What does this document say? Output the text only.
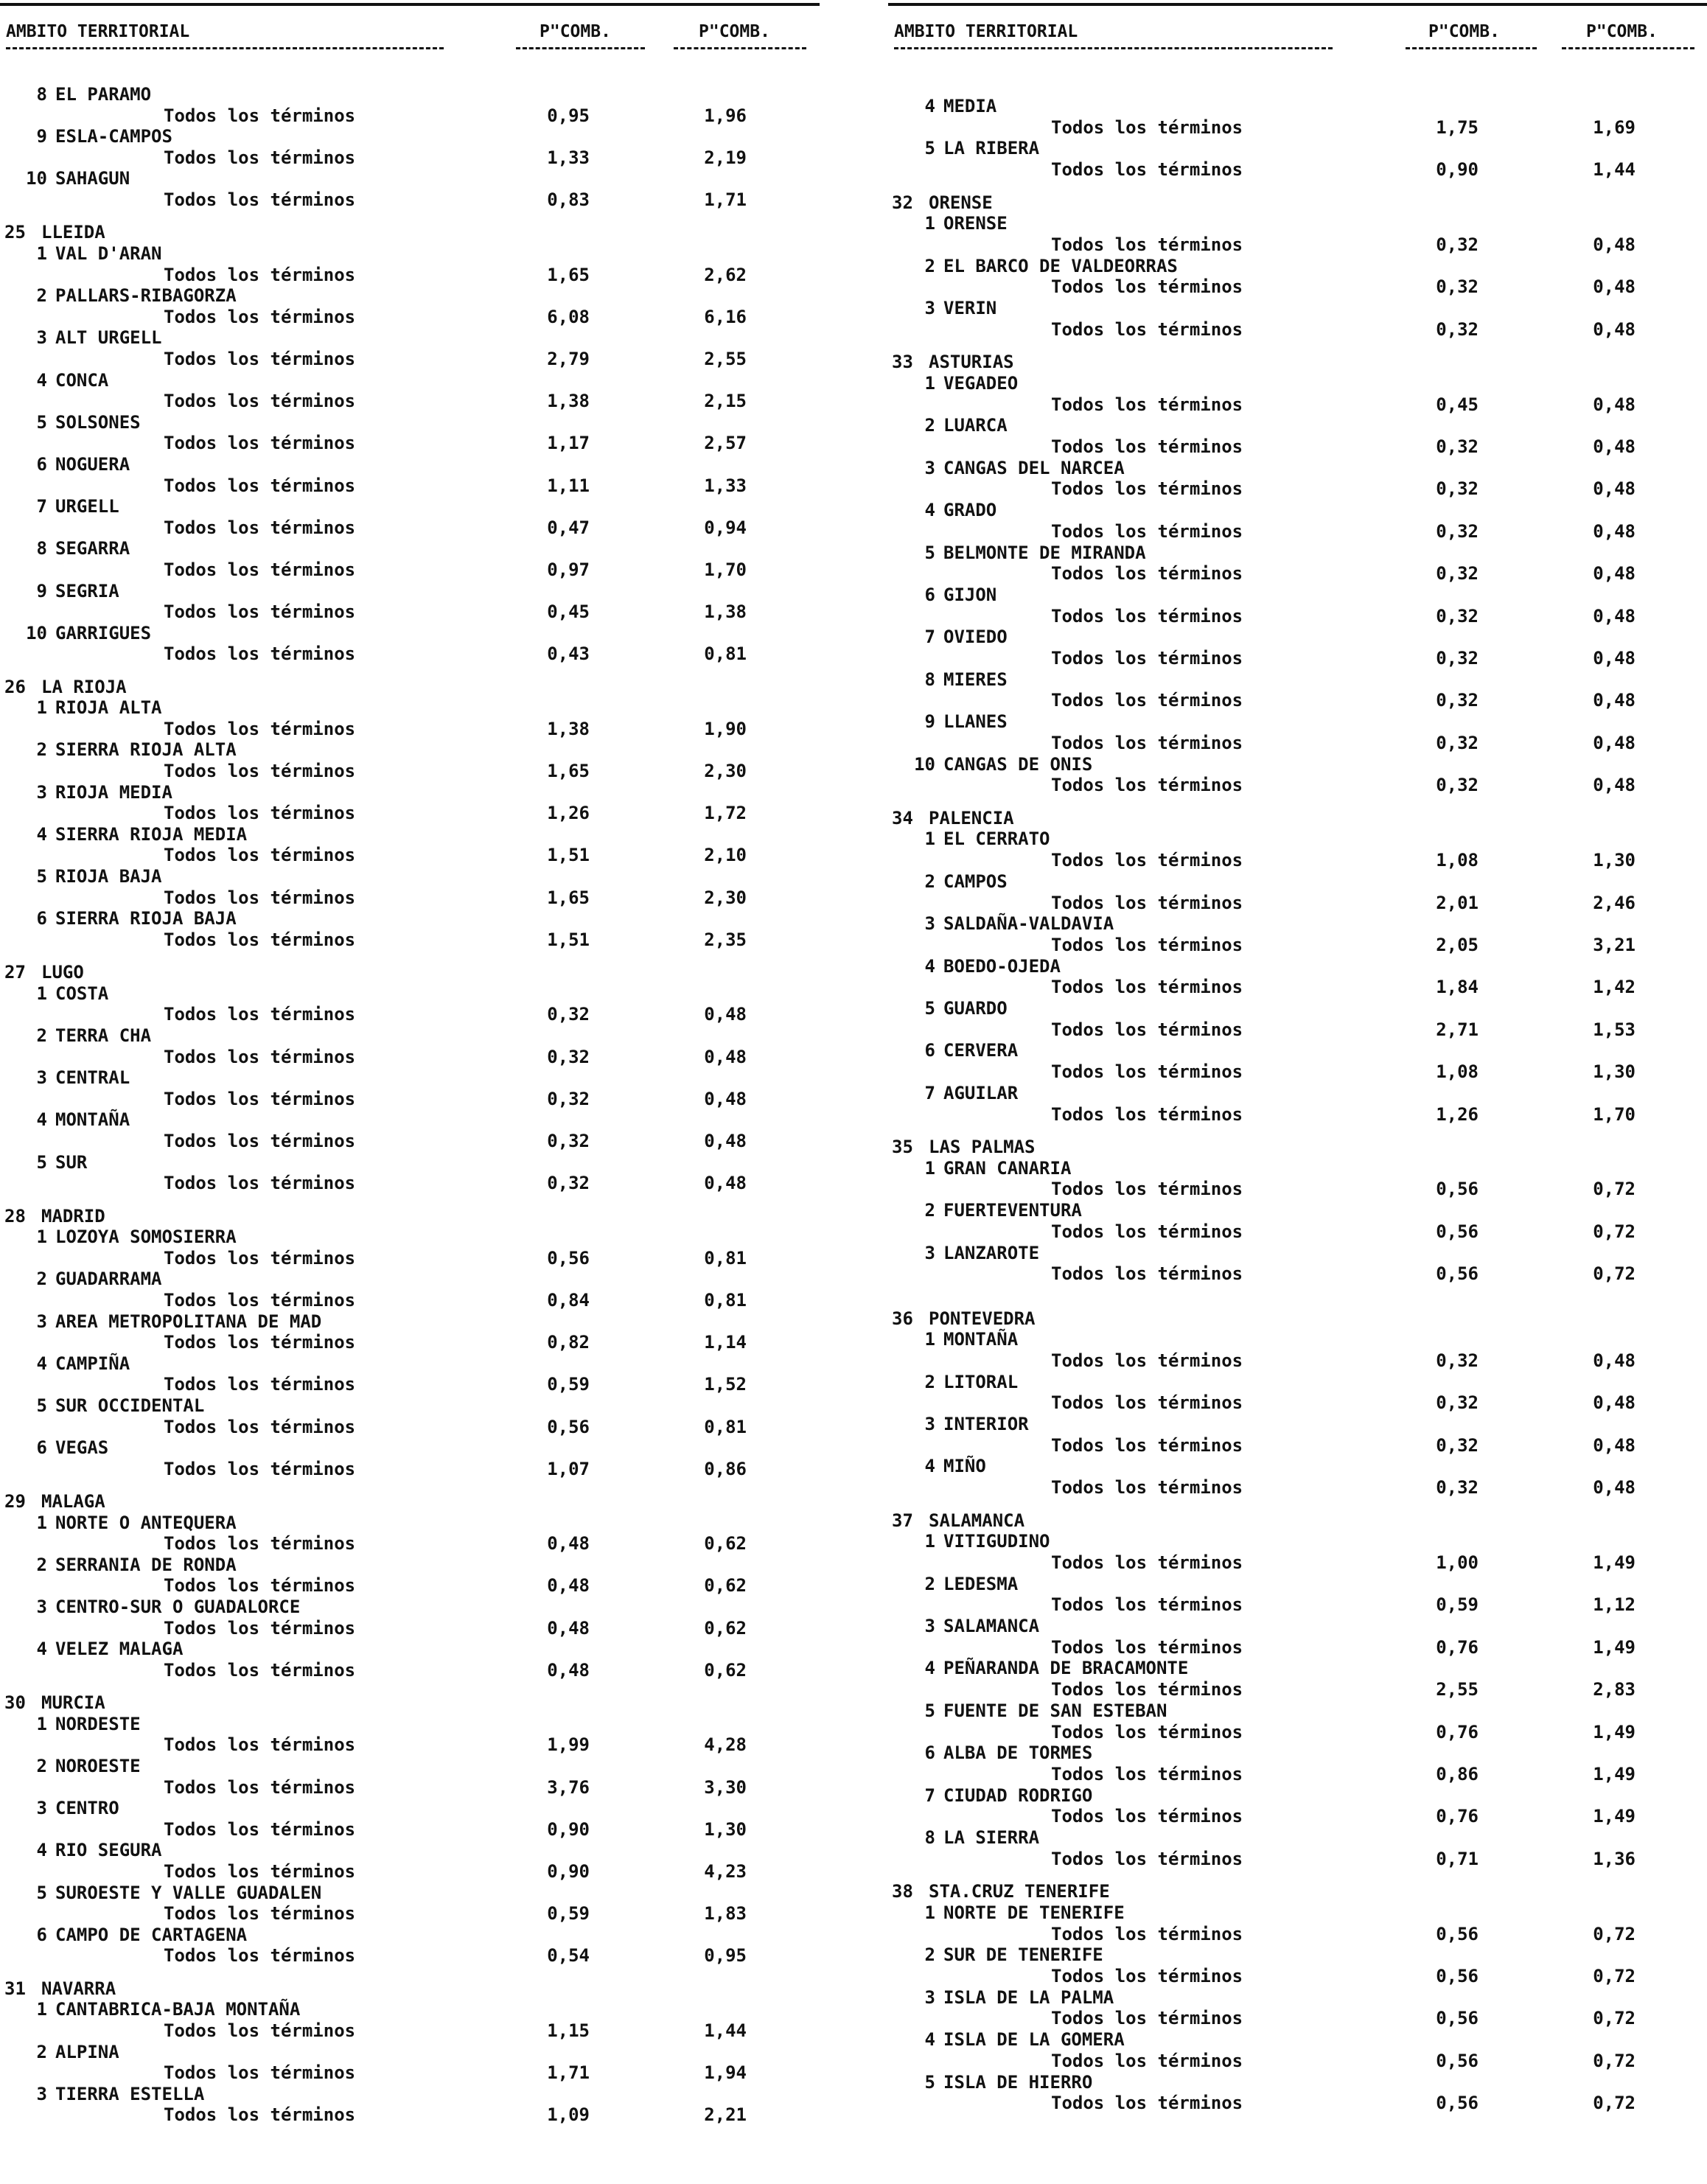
AMBITO TERRITORIAL	P"COMB.	P"COMB.
8 EL PARAMO
Todos los términos	0,95	1,96
9 ESLA-CAMPOS
Todos los términos	1,33	2,19
10 SAHAGUN
Todos los términos	0,83	1,71
25 LLEIDA
1 VAL D'ARAN
Todos los términos	1,65	2,62
2 PALLARS-RIBAGORZA
Todos los términos	6,08	6,16
3 ALT URGELL
Todos los términos	2,79	2,55
4 CONCA
Todos los términos	1,38	2,15
5 SOLSONES
Todos los términos	1,17	2,57
6 NOGUERA
Todos los términos	1,11	1,33
7 URGELL
Todos los términos	0,47	0,94
8 SEGARRA
Todos los términos	0,97	1,70
9 SEGRIA
Todos los términos	0,45	1,38
10 GARRIGUES
Todos los términos	0,43	0,81
26 LA RIOJA
1 RIOJA ALTA
Todos los términos	1,38	1,90
2 SIERRA RIOJA ALTA
Todos los términos	1,65	2,30
3 RIOJA MEDIA
Todos los términos	1,26	1,72
4 SIERRA RIOJA MEDIA
Todos los términos	1,51	2,10
5 RIOJA BAJA
Todos los términos	1,65	2,30
6 SIERRA RIOJA BAJA
Todos los términos	1,51	2,35
27 LUGO
1 COSTA
Todos los términos	0,32	0,48
2 TERRA CHA
Todos los términos	0,32	0,48
3 CENTRAL
Todos los términos	0,32	0,48
4 MONTAÑA
Todos los términos	0,32	0,48
5 SUR
Todos los términos	0,32	0,48
28 MADRID
1 LOZOYA SOMOSIERRA
Todos los términos	0,56	0,81
2 GUADARRAMA
Todos los términos	0,84	0,81
3 AREA METROPOLITANA DE MAD
Todos los términos	0,82	1,14
4 CAMPIÑA
Todos los términos	0,59	1,52
5 SUR OCCIDENTAL
Todos los términos	0,56	0,81
6 VEGAS
Todos los términos	1,07	0,86
29 MALAGA
1 NORTE O ANTEQUERA
Todos los términos	0,48	0,62
2 SERRANIA DE RONDA
Todos los términos	0,48	0,62
3 CENTRO-SUR O GUADALORCE
Todos los términos	0,48	0,62
4 VELEZ MALAGA
Todos los términos	0,48	0,62
30 MURCIA
1 NORDESTE
Todos los términos	1,99	4,28
2 NOROESTE
Todos los términos	3,76	3,30
3 CENTRO
Todos los términos	0,90	1,30
4 RIO SEGURA
Todos los términos	0,90	4,23
5 SUROESTE Y VALLE GUADALEN
Todos los términos	0,59	1,83
6 CAMPO DE CARTAGENA
Todos los términos	0,54	0,95
31 NAVARRA
1 CANTABRICA-BAJA MONTAÑA
Todos los términos	1,15	1,44
2 ALPINA
Todos los términos	1,71	1,94
3 TIERRA ESTELLA
Todos los términos	1,09	2,21
AMBITO TERRITORIAL	P"COMB.	P"COMB.
4 MEDIA
Todos los términos	1,75	1,69
5 LA RIBERA
Todos los términos	0,90	1,44
32 ORENSE
1 ORENSE
Todos los términos	0,32	0,48
2 EL BARCO DE VALDEORRAS
Todos los términos	0,32	0,48
3 VERIN
Todos los términos	0,32	0,48
33 ASTURIAS
1 VEGADEO
Todos los términos	0,45	0,48
2 LUARCA
Todos los términos	0,32	0,48
3 CANGAS DEL NARCEA
Todos los términos	0,32	0,48
4 GRADO
Todos los términos	0,32	0,48
5 BELMONTE DE MIRANDA
Todos los términos	0,32	0,48
6 GIJON
Todos los términos	0,32	0,48
7 OVIEDO
Todos los términos	0,32	0,48
8 MIERES
Todos los términos	0,32	0,48
9 LLANES
Todos los términos	0,32	0,48
10 CANGAS DE ONIS
Todos los términos	0,32	0,48
34 PALENCIA
1 EL CERRATO
Todos los términos	1,08	1,30
2 CAMPOS
Todos los términos	2,01	2,46
3 SALDAÑA-VALDAVIA
Todos los términos	2,05	3,21
4 BOEDO-OJEDA
Todos los términos	1,84	1,42
5 GUARDO
Todos los términos	2,71	1,53
6 CERVERA
Todos los términos	1,08	1,30
7 AGUILAR
Todos los términos	1,26	1,70
35 LAS PALMAS
1 GRAN CANARIA
Todos los términos	0,56	0,72
2 FUERTEVENTURA
Todos los términos	0,56	0,72
3 LANZAROTE
Todos los términos	0,56	0,72
36 PONTEVEDRA
1 MONTAÑA
Todos los términos	0,32	0,48
2 LITORAL
Todos los términos	0,32	0,48
3 INTERIOR
Todos los términos	0,32	0,48
4 MIÑO
Todos los términos	0,32	0,48
37 SALAMANCA
1 VITIGUDINO
Todos los términos	1,00	1,49
2 LEDESMA
Todos los términos	0,59	1,12
3 SALAMANCA
Todos los términos	0,76	1,49
4 PEÑARANDA DE BRACAMONTE
Todos los términos	2,55	2,83
5 FUENTE DE SAN ESTEBAN
Todos los términos	0,76	1,49
6 ALBA DE TORMES
Todos los términos	0,86	1,49
7 CIUDAD RODRIGO
Todos los términos	0,76	1,49
8 LA SIERRA
Todos los términos	0,71	1,36
38 STA.CRUZ TENERIFE
1 NORTE DE TENERIFE
Todos los términos	0,56	0,72
2 SUR DE TENERIFE
Todos los términos	0,56	0,72
3 ISLA DE LA PALMA
Todos los términos	0,56	0,72
4 ISLA DE LA GOMERA
Todos los términos	0,56	0,72
5 ISLA DE HIERRO
Todos los términos	0,56	0,72
